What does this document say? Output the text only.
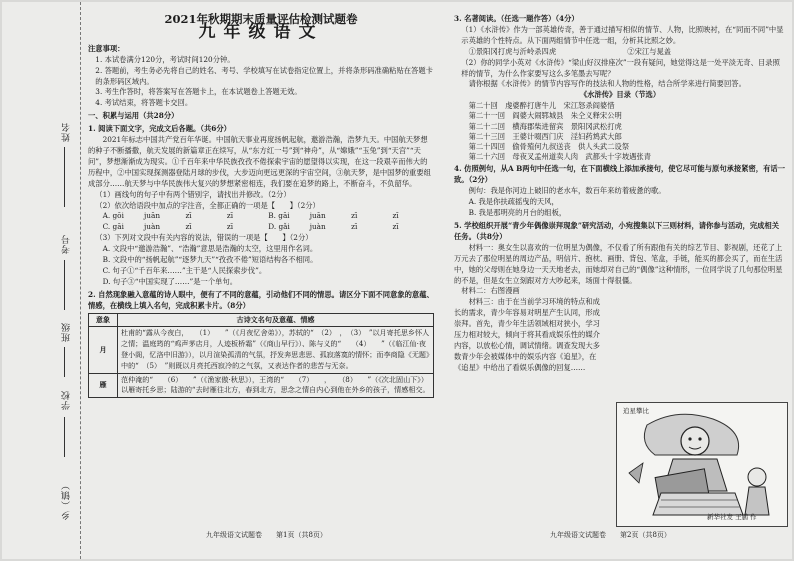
姓名
考号
班级
学校
乡（镇）
2021年秋期期末质量评估检测试题卷
九年级语文
注意事项：
1. 本试卷满分120分，考试时间120分钟。
2. 答题前，考生务必先将自己的姓名、考号、学校填写在试卷指定位置上，并将条形码准确粘贴在答题卡的条形码区域内。
3. 考生作答时，将答案写在答题卡上，在本试题卷上答题无效。
4. 考试结束，将答题卡交回。
一、积累与运用（共28分）
1. 阅读下面文字，完成文后各题。（共6分）
2021年标志中国共产党百年华诞。中国航天事业再度扬帆起航，邀游浩瀚，浩梦九天。中国航天梦想的种子不断播撒，航天发展的新篇章正在续写，从“东方红一号”到“神舟”，从“嫦娥”“玉兔”到“天宫”“天问”，梦想渐渐成为现实。①千百年来中华民族孜孜不倦探索宇宙的愿望得以实现，在这一段艰辛而伟大的历程中，②中国实现探测器登陆月球的步伐，大步迈向更远更深的宇宙空间，③航天梦，是中国梦的重要组成部分……航天梦与中华民族伟大复兴的梦想紧密相连，我们要在追梦的路上，不断奋斗，不负韶华。
（1）画线句的句子中有两个错别字，请找出并修改。（2分）
（2）依次给语段中加点的字注音，全都正确的一项是【　　】（2分）
A. gōi	juān	zī	zī	B. gāi	juān	zī	zī
C. gāi	juàn	zī	zī	D. gǎi	juàn	zī	zī
（3）下列对文段中有关内容的说法，错误的一项是【　　】（2分）
A. 文段中“邀游浩瀚”、“浩瀚”意思是浩瀚的太空，这里用作名词。
B. 文段中的“扬帆起航”“逐梦九天”“孜孜不倦”短语结构各不相同。
C. 句子①“千百年来……”主干是“人民探索步伐”。
D. 句子③“中国实现了……”是一个单句。
2. 自然现象融入意蕴的诗人眼中，便有了不同的意蕴，引动他们不同的情思。请区分下面不同意象的意蕴、情感，在横线上填入名句，完成积累卡片。（8分）
意象	古诗文名句及意蕴、情感
月	杜甫的“露从今夜白，　　（1）　　”（《月夜忆舍弟》），苏轼的“　（2）　，　（3）　”以月寄托思乡怀人之情；温庭筠的“鸡声茅店月，人迹板桥霜”（《商山早行》）、陈与义的“　　（4）　　”（《临江仙·夜登小阁，忆洛中旧游》），以月渲染孤清的气氛，抒发奔思悲思、孤寂落寞的情怀；而李商隐《无题》中的“　（5）　”则既以月亮托西寂冷的之气氛，又表达作者的悲苦与无奈。
雁	范仲淹的“　　（6）　　”（《渔家傲·秋思》），王湾的“　　（7）　　，　　（8）　　”（《次北固山下》）以雁寄托乡思；陆游的“去时雁往北方，春到北方，思念之情自内心到他在外乡的孩子，情感相交。
九年级语文试题卷　　第1页（共8页）
3. 名著阅读。（任选一题作答）（4分）
（1）《水浒传》作为一部英雄传奇，善于通过描写相似的情节、人物，比照映衬，在“同而不同”中显示英雄的个性特点。从下面两组情节中任选一组，分析其比照之妙。
①景阳冈打虎与沂岭杀四虎	②宋江与晁盖
（2）你的同学小英对《水浒传》“梁山好汉排座次”一段有疑问，她觉得这是一处平淡无奇、目录照样的情节，为什么作家要写这么多笔墨去写呢？
请你根据《水浒传》的情节内容写作的技法和人物的性格，结合所学来进行简要回答。
《水浒传》目录（节选）
第二十回　虔婆醉打唐牛儿　宋江怒杀阎婆惜
第二十一回　阎婆大闹郓城县　朱仝义释宋公明
第二十二回　横海郡柴进留宾　景阳冈武松打虎
第二十三回　王婆计啜西门庆　淫妇药鸩武大郎
第二十四回　偷骨殖何九叔送丧　供人头武二设祭
第二十六回　母夜叉孟州道卖人肉　武都头十字坡遇张青
4. 仿照例句，从A B两句中任选一句，在下面横线上添加承接句，使它尽可能与原句承接紧密，有话一致。（2分）
例句：我是你河边上破旧的老水车，数百年来纺着疲惫的歌。
A. 我是你扶疏摇曳的天风，
B. 我是那明亮的月台的组板，
5. 学校组织开展“青少年偶像崇拜现象”研究活动，小宛搜集以下三则材料，请你参与活动，完成相关任务。（共8分）
材料一：奥女生以喜欢的一位明星为偶像，不仅看了所有跟他有关的综艺节目、影视剧，还花了上万元去了那位明星的周边产品，明信片、抱枕、画册、背包、笔盒，手链，能买的都会买了，而在生活中，她的父母则在她身边一天天地老去，而她却对自己的“偶像”这种情形，一位同学说了几句那位明星的不是，但是女生立刻跟对方大吵起来，场面十得很僵。
材料二：右图漫画
材料三：由于在当前学习环境的特点和成长的需求，青少年容易对明星产生认同，形成崇拜。首先，青少年生活领域相对狭小，学习压力相对较大，倾向于将其看成娱乐性的媒介内容，以放松心情，调试情绪。调查发现大多数青少年会被媒体中的娱乐内容《追星》，在《追星》中给出了看娱乐偶像的回复……
新华社发 王鹏 作
追星攀比
九年级语文试题卷　　第2页（共8页）
